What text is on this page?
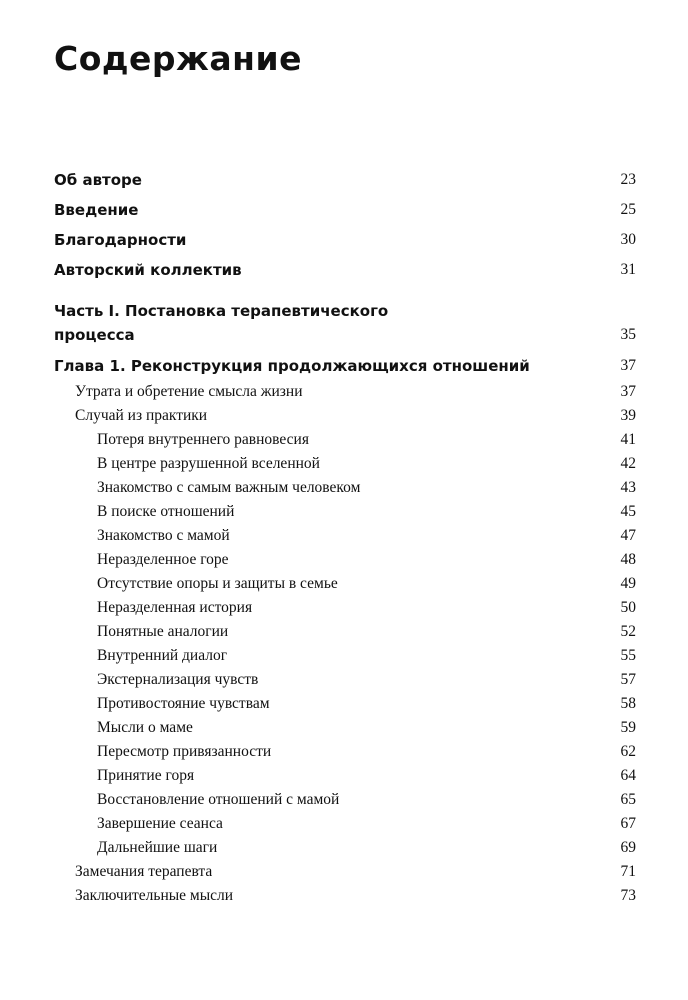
Содержание
Об авторе	23
Введение	25
Благодарности	30
Авторский коллектив	31
Часть I. Постановка терапевтического
процесса	35
Глава 1. Реконструкция продолжающихся отношений	37
Утрата и обретение смысла жизни	37
Случай из практики	39
Потеря внутреннего равновесия	41
В центре разрушенной вселенной	42
Знакомство с самым важным человеком	43
В поиске отношений	45
Знакомство с мамой	47
Неразделенное горе	48
Отсутствие опоры и защиты в семье	49
Неразделенная история	50
Понятные аналогии	52
Внутренний диалог	55
Экстернализация чувств	57
Противостояние чувствам	58
Мысли о маме	59
Пересмотр привязанности	62
Принятие горя	64
Восстановление отношений с мамой	65
Завершение сеанса	67
Дальнейшие шаги	69
Замечания терапевта	71
Заключительные мысли	73
